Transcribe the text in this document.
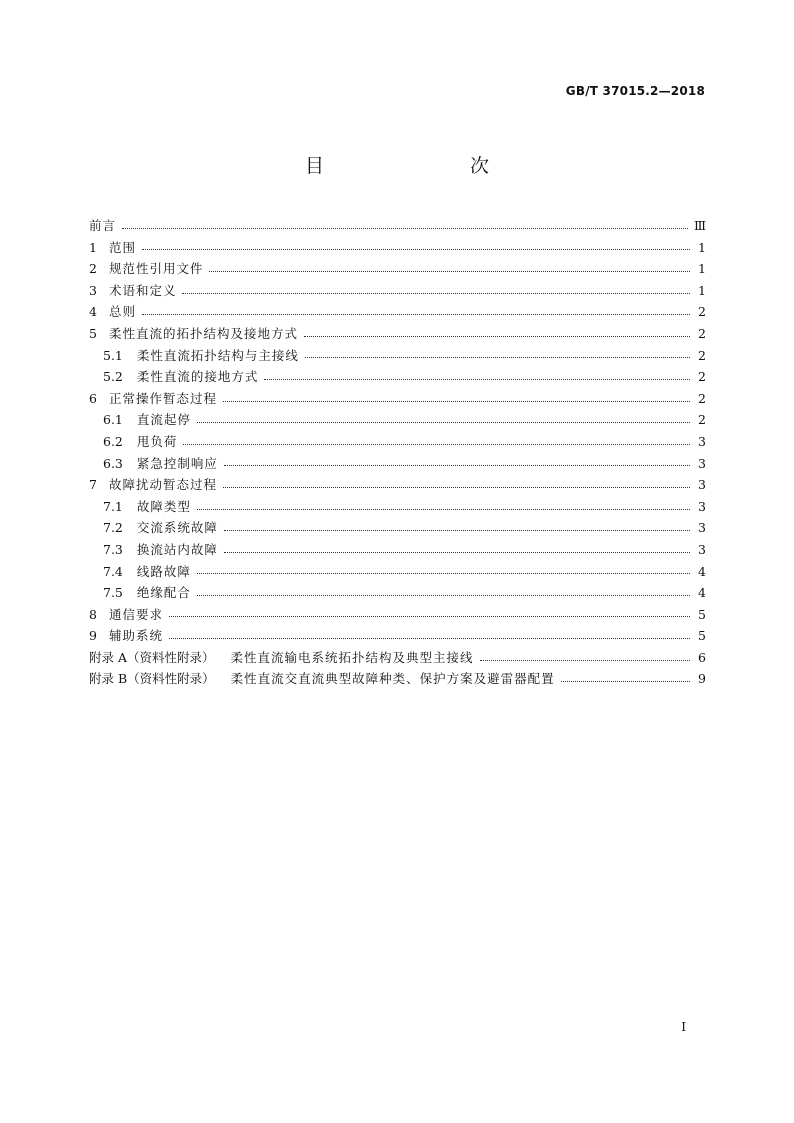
GB/T 37015.2—2018
目　　次
前言	Ⅲ
1 范围	1
2 规范性引用文件	1
3 术语和定义	1
4 总则	2
5 柔性直流的拓扑结构及接地方式	2
5.1 柔性直流拓扑结构与主接线	2
5.2 柔性直流的接地方式	2
6 正常操作暂态过程	2
6.1 直流起停	2
6.2 甩负荷	3
6.3 紧急控制响应	3
7 故障扰动暂态过程	3
7.1 故障类型	3
7.2 交流系统故障	3
7.3 换流站内故障	3
7.4 线路故障	4
7.5 绝缘配合	4
8 通信要求	5
9 辅助系统	5
附录 A（资料性附录） 柔性直流输电系统拓扑结构及典型主接线	6
附录 B（资料性附录） 柔性直流交直流典型故障种类、保护方案及避雷器配置	9
I
